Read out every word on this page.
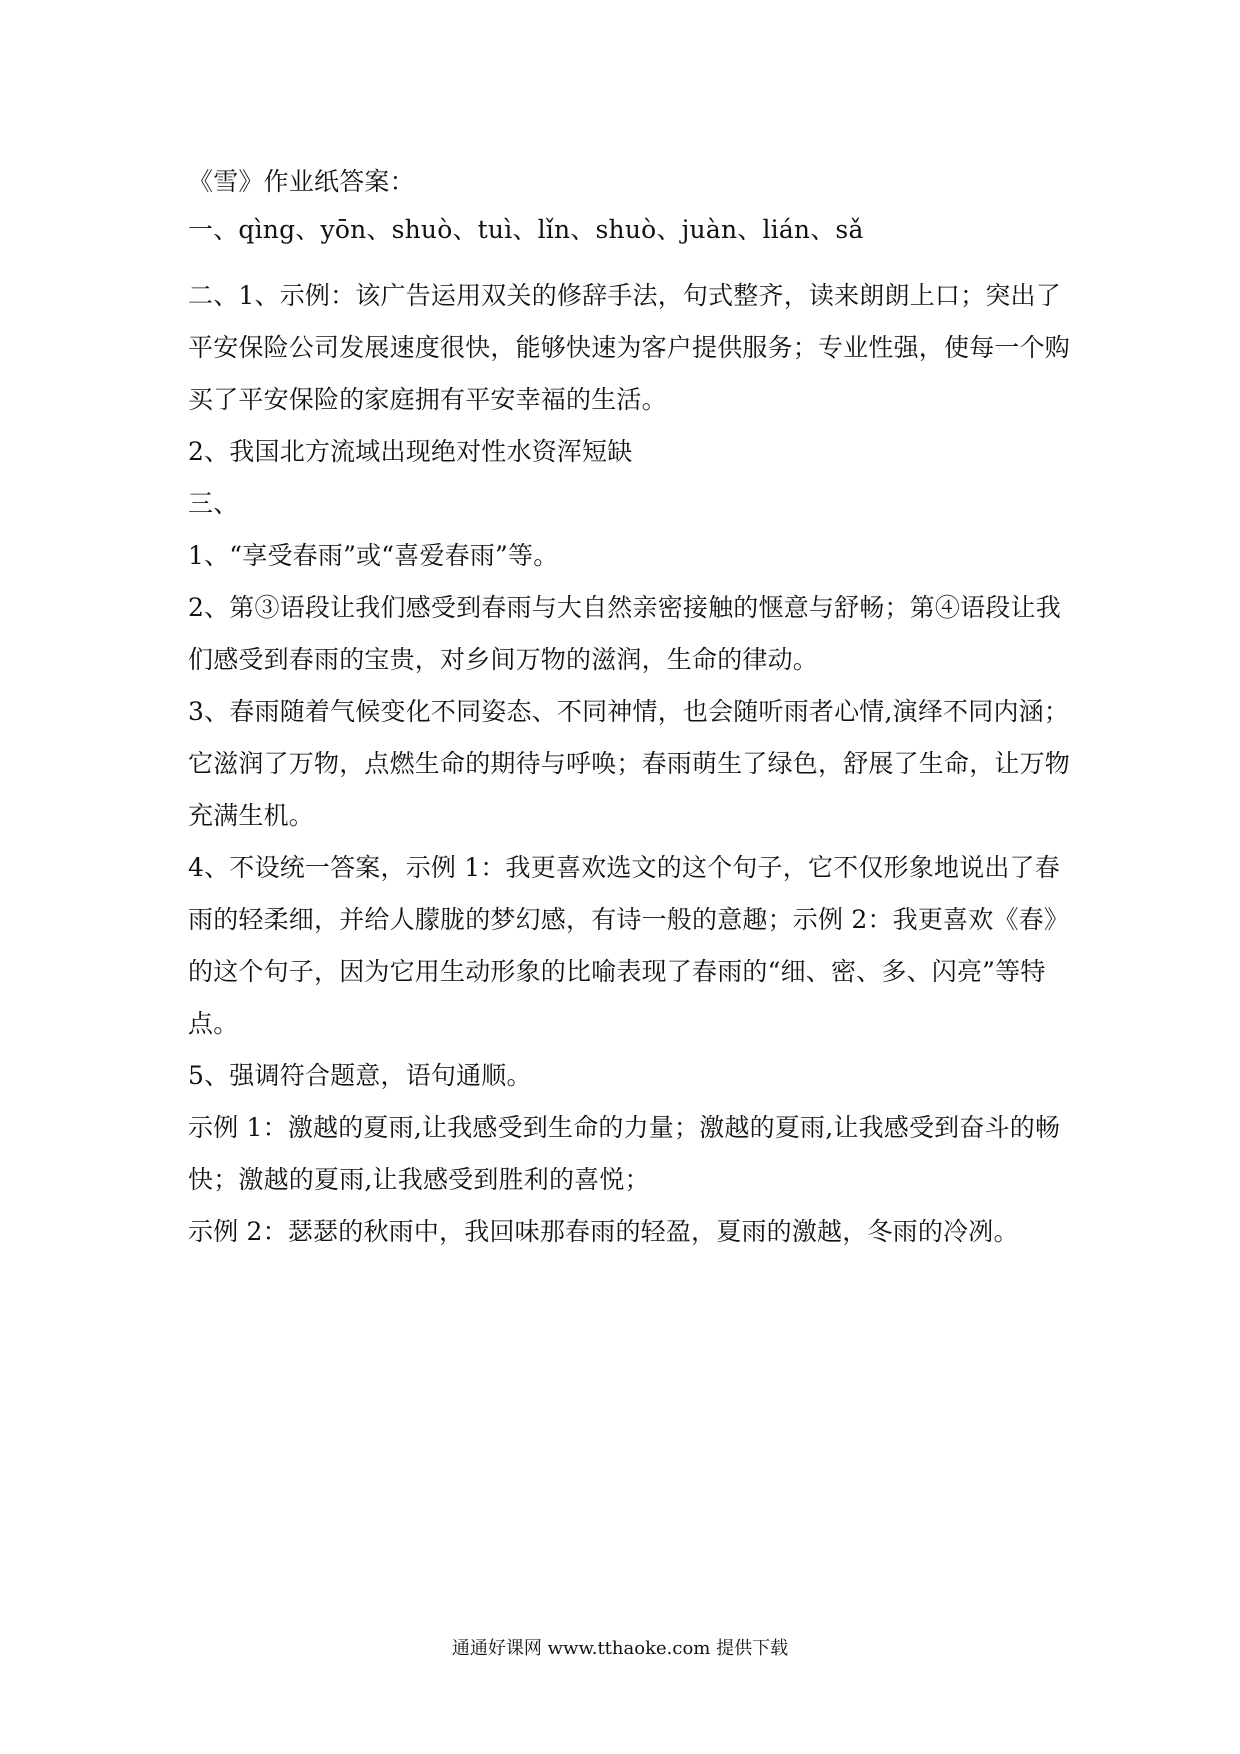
《雪》作业纸答案：
一、qìng、yōn、shuò、tuì、lǐn、shuò、juàn、lián、sǎ
二、1、示例：该广告运用双关的修辞手法，句式整齐，读来朗朗上口；突出了
平安保险公司发展速度很快，能够快速为客户提供服务；专业性强，使每一个购
买了平安保险的家庭拥有平安幸福的生活。
2、我国北方流域出现绝对性水资浑短缺
三、
1、“享受春雨”或“喜爱春雨”等。
2、第③语段让我们感受到春雨与大自然亲密接触的惬意与舒畅；第④语段让我
们感受到春雨的宝贵，对乡间万物的滋润，生命的律动。
3、春雨随着气候变化不同姿态、不同神情，也会随听雨者心情,演绎不同内涵；
它滋润了万物，点燃生命的期待与呼唤；春雨萌生了绿色，舒展了生命，让万物
充满生机。
4、不设统一答案，示例 1：我更喜欢选文的这个句子，它不仅形象地说出了春
雨的轻柔细，并给人朦胧的梦幻感，有诗一般的意趣；示例 2：我更喜欢《春》
的这个句子，因为它用生动形象的比喻表现了春雨的“细、密、多、闪亮”等特
点。
5、强调符合题意，语句通顺。
示例 1：激越的夏雨,让我感受到生命的力量；激越的夏雨,让我感受到奋斗的畅
快；激越的夏雨,让我感受到胜利的喜悦；
示例 2：瑟瑟的秋雨中，我回味那春雨的轻盈，夏雨的激越，冬雨的冷冽。
通通好课网 www.tthaoke.com 提供下载
